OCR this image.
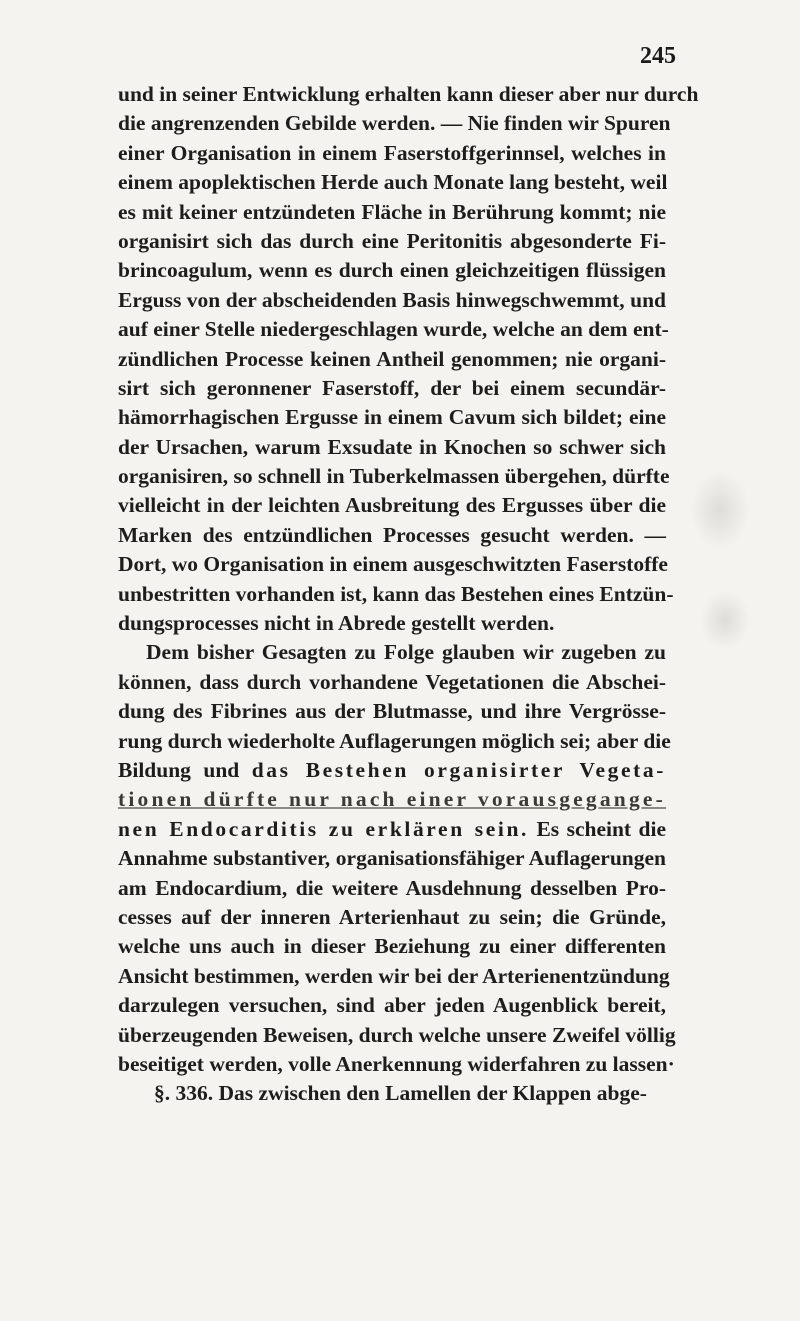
245
und in seiner Entwicklung erhalten kann dieser aber nur durch
die angrenzenden Gebilde werden. — Nie finden wir Spuren
einer Organisation in einem Faserstoffgerinnsel, welches in
einem apoplektischen Herde auch Monate lang besteht, weil
es mit keiner entzündeten Fläche in Berührung kommt; nie
organisirt sich das durch eine Peritonitis abgesonderte Fi-
brincoagulum, wenn es durch einen gleichzeitigen flüssigen
Erguss von der abscheidenden Basis hinwegschwemmt, und
auf einer Stelle niedergeschlagen wurde, welche an dem ent-
zündlichen Processe keinen Antheil genommen; nie organi-
sirt sich geronnener Faserstoff, der bei einem secundär-
hämorrhagischen Ergusse in einem Cavum sich bildet; eine
der Ursachen, warum Exsudate in Knochen so schwer sich
organisiren, so schnell in Tuberkelmassen übergehen, dürfte
vielleicht in der leichten Ausbreitung des Ergusses über die
Marken des entzündlichen Processes gesucht werden. —
Dort, wo Organisation in einem ausgeschwitzten Faserstoffe
unbestritten vorhanden ist, kann das Bestehen eines Entzün-
dungsprocesses nicht in Abrede gestellt werden.
Dem bisher Gesagten zu Folge glauben wir zugeben zu
können, dass durch vorhandene Vegetationen die Abschei-
dung des Fibrines aus der Blutmasse, und ihre Vergrösse-
rung durch wiederholte Auflagerungen möglich sei; aber die
Bildung und das Bestehen organisirter Vegeta-
tionen dürfte nur nach einer vorausgegange-
nen Endocarditis zu erklären sein. Es scheint die
Annahme substantiver, organisationsfähiger Auflagerungen
am Endocardium, die weitere Ausdehnung desselben Pro-
cesses auf der inneren Arterienhaut zu sein; die Gründe,
welche uns auch in dieser Beziehung zu einer differenten
Ansicht bestimmen, werden wir bei der Arterienentzündung
darzulegen versuchen, sind aber jeden Augenblick bereit,
überzeugenden Beweisen, durch welche unsere Zweifel völlig
beseitiget werden, volle Anerkennung widerfahren zu lassen·
§. 336. Das zwischen den Lamellen der Klappen abge-
